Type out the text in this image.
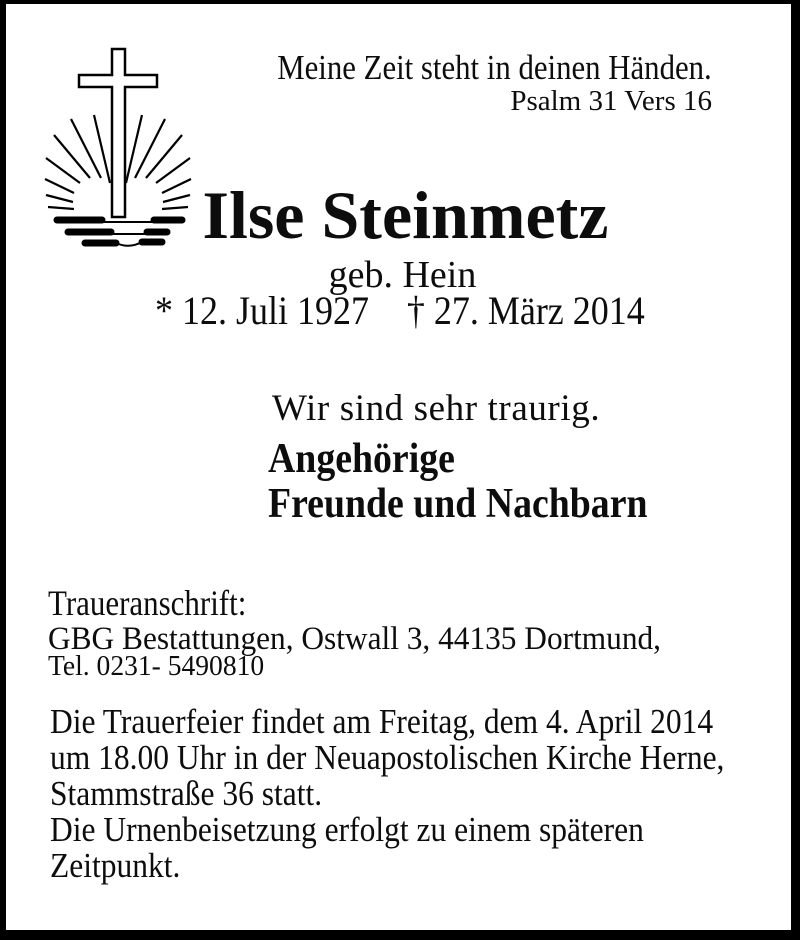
Meine Zeit steht in deinen Händen.
Psalm 31 Vers 16
Ilse Steinmetz
geb. Hein
* 12. Juli 1927 † 27. März 2014
Wir sind sehr traurig.
Angehörige
Freunde und Nachbarn
Traueranschrift:
GBG Bestattungen, Ostwall 3, 44135 Dortmund,
Tel. 0231- 5490810
Die Trauerfeier findet am Freitag, dem 4. April 2014
um 18.00 Uhr in der Neuapostolischen Kirche Herne,
Stammstraße 36 statt.
Die Urnenbeisetzung erfolgt zu einem späteren
Zeitpunkt.
